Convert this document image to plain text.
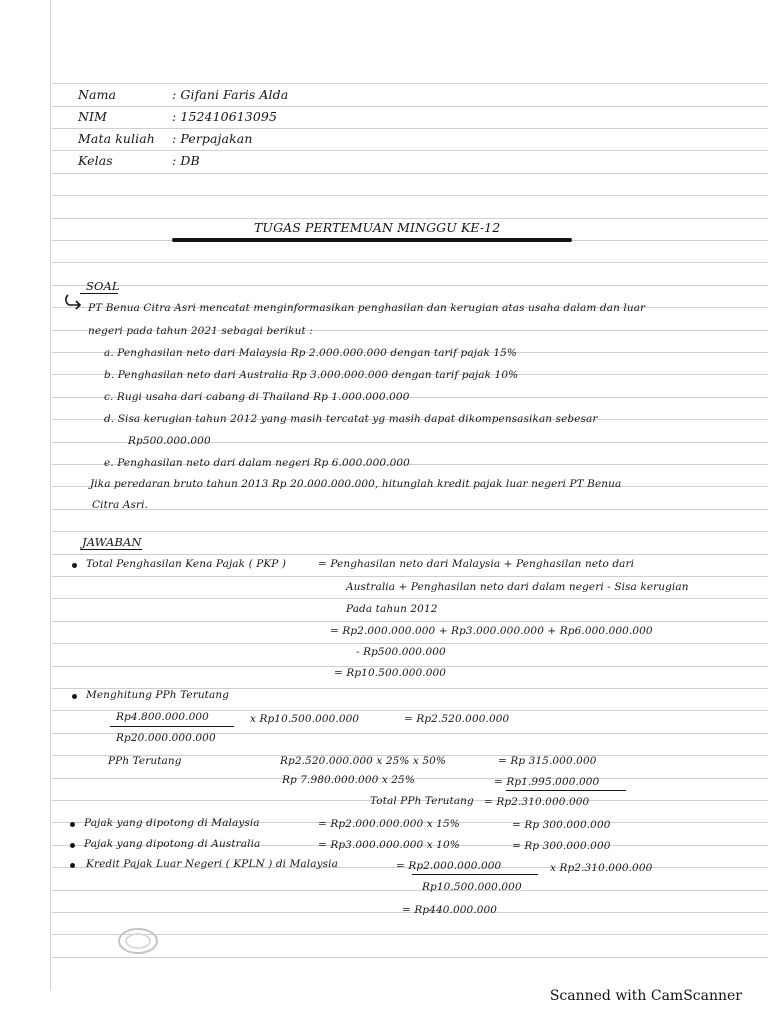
Nama	: Gifani Faris Alda
NIM	: 152410613095
Mata kuliah : Perpajakan
Kelas	: DB
TUGAS PERTEMUAN MINGGU KE-12
SOAL
PT Benua Citra Asri mencatat menginformasikan penghasilan dan kerugian atas usaha dalam dan luar
negeri pada tahun 2021 sebagai berikut :
a. Penghasilan neto dari Malaysia Rp 2.000.000.000 dengan tarif pajak 15%
b. Penghasilan neto dari Australia Rp 3.000.000.000 dengan tarif pajak 10%
c. Rugi usaha dari cabang di Thailand Rp 1.000.000.000
d. Sisa kerugian tahun 2012 yang masih tercatat yg masih dapat dikompensasikan sebesar
Rp500.000.000
e. Penghasilan neto dari dalam negeri Rp 6.000.000.000
Jika peredaran bruto tahun 2013 Rp 20.000.000.000, hitunglah kredit pajak luar negeri PT Benua
Citra Asri.
JAWABAN
Total Penghasilan Kena Pajak ( PKP )	= Penghasilan neto dari Malaysia + Penghasilan neto dari
Australia + Penghasilan neto dari dalam negeri - Sisa kerugian
Pada tahun 2012
= Rp2.000.000.000 + Rp3.000.000.000 + Rp6.000.000.000
- Rp500.000.000
= Rp10.500.000.000
Menghitung PPh Terutang
Rp4.800.000.000	x Rp10.500.000.000	= Rp2.520.000.000
Rp20.000.000.000
PPh Terutang	Rp2.520.000.000 x 25% x 50%	= Rp 315.000.000
Rp 7.980.000.000 x 25%	= Rp1.995.000.000
Total PPh Terutang = Rp2.310.000.000
Pajak yang dipotong di Malaysia	= Rp2.000.000.000 x 15%	= Rp 300.000.000
Pajak yang dipotong di Australia	= Rp3.000.000.000 x 10%	= Rp 300.000.000
Kredit Pajak Luar Negeri ( KPLN ) di Malaysia	= Rp2.000.000.000	x Rp2.310.000.000
Rp10.500.000.000
= Rp440.000.000
Scanned with CamScanner
